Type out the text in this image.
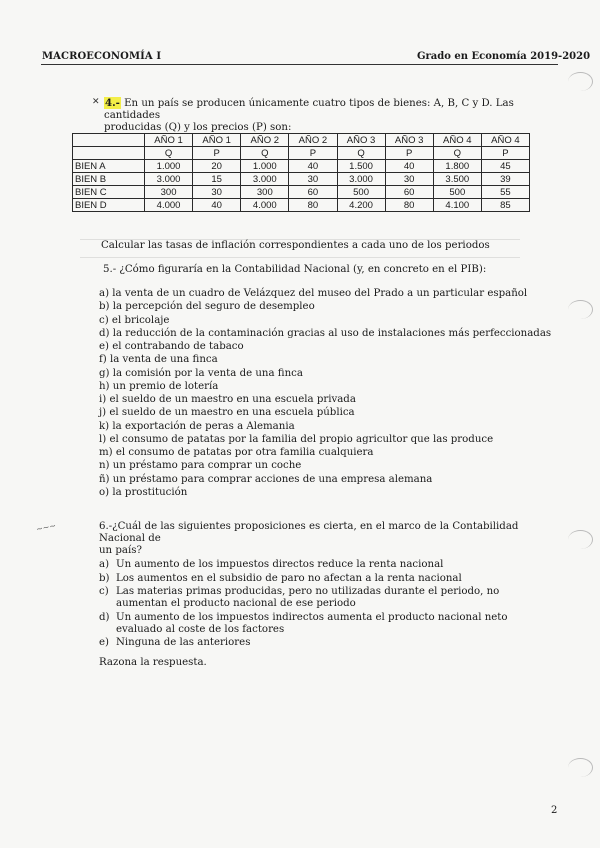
MACROECONOMÍA I	Grado en Economía 2019-2020
✕ 4.- En un país se producen únicamente cuatro tipos de bienes: A, B, C y D. Las cantidades
producidas (Q) y los precios (P) son:
	AÑO 1	AÑO 1	AÑO 2	AÑO 2	AÑO 3	AÑO 3	AÑO 4	AÑO 4
	Q	P	Q	P	Q	P	Q	P
BIEN A	1.000	20	1.000	40	1.500	40	1.800	45
BIEN B	3.000	15	3.000	30	3.000	30	3.500	39
BIEN C	300	30	300	60	500	60	500	55
BIEN D	4.000	40	4.000	80	4.200	80	4.100	85
Calcular las tasas de inflación correspondientes a cada uno de los periodos
5.- ¿Cómo figuraría en la Contabilidad Nacional (y, en concreto en el PIB):
a) la venta de un cuadro de Velázquez del museo del Prado a un particular español
b) la percepción del seguro de desempleo
c) el bricolaje
d) la reducción de la contaminación gracias al uso de instalaciones más perfeccionadas
e) el contrabando de tabaco
f) la venta de una finca
g) la comisión por la venta de una finca
h) un premio de lotería
i) el sueldo de un maestro en una escuela privada
j) el sueldo de un maestro en una escuela pública
k) la exportación de peras a Alemania
l) el consumo de patatas por la familia del propio agricultor que las produce
m) el consumo de patatas por otra familia cualquiera
n) un préstamo para comprar un coche
ñ) un préstamo para comprar acciones de una empresa alemana
o) la prostitución
~~~	6.-¿Cuál de las siguientes proposiciones es cierta, en el marco de la Contabilidad Nacional de
un país?
a) Un aumento de los impuestos directos reduce la renta nacional
b) Los aumentos en el subsidio de paro no afectan a la renta nacional
c) Las materias primas producidas, pero no utilizadas durante el periodo, no
aumentan el producto nacional de ese periodo
d) Un aumento de los impuestos indirectos aumenta el producto nacional neto
evaluado al coste de los factores
e) Ninguna de las anteriores
Razona la respuesta.
2
